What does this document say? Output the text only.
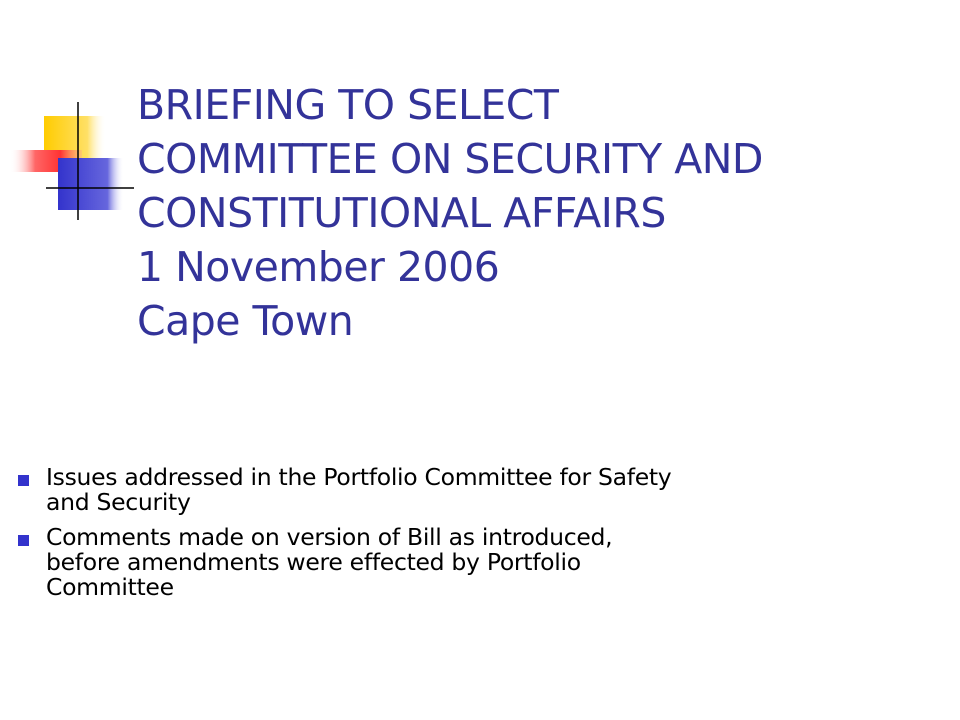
BRIEFING TO SELECT
COMMITTEE ON SECURITY AND
CONSTITUTIONAL AFFAIRS
1 November 2006
Cape Town
Issues addressed in the Portfolio Committee for Safety
and Security
Comments made on version of Bill as introduced,
before amendments were effected by Portfolio
Committee
